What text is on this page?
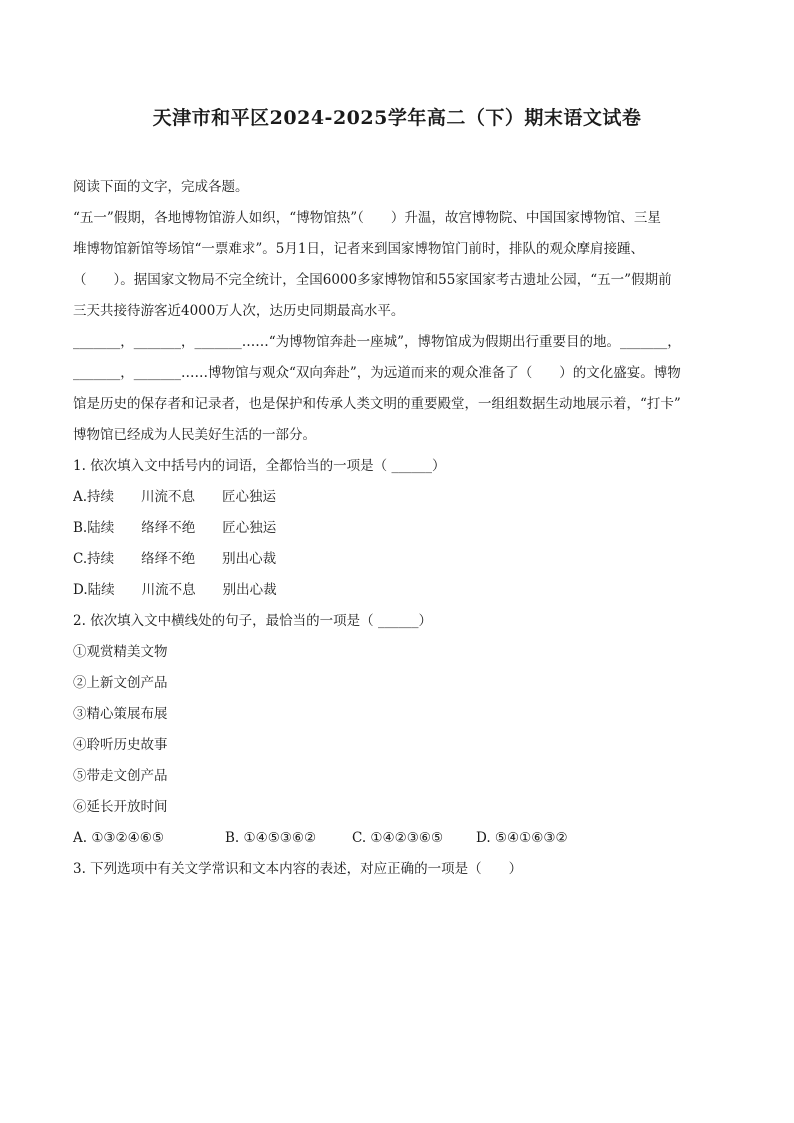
天津市和平区2024-2025学年高二（下）期末语文试卷

阅读下面的文字，完成各题。

“五一”假期，各地博物馆游人如织，“博物馆热”（　　）升温，故宫博物院、中国国家博物馆、三星

堆博物馆新馆等场馆“一票难求”。5月1日，记者来到国家博物馆门前时，排队的观众摩肩接踵、

（　　）。据国家文物局不完全统计，全国6000多家博物馆和55家国家考古遗址公园，“五一”假期前

三天共接待游客近4000万人次，达历史同期最高水平。

_______，_______，_______……“为博物馆奔赴一座城”，博物馆成为假期出行重要目的地。_______，

_______，_______……博物馆与观众“双向奔赴”，为远道而来的观众准备了（　　）的文化盛宴。博物

馆是历史的保存者和记录者，也是保护和传承人类文明的重要殿堂，一组组数据生动地展示着，“打卡”

博物馆已经成为人民美好生活的一部分。

1. 依次填入文中括号内的词语，全都恰当的一项是（ ______）

A.持续　　川流不息　　匠心独运

B.陆续　　络绎不绝　　匠心独运

C.持续　　络绎不绝　　别出心裁

D.陆续　　川流不息　　别出心裁

2. 依次填入文中横线处的句子，最恰当的一项是（ ______）

①观赏精美文物

②上新文创产品

③精心策展布展

④聆听历史故事

⑤带走文创产品

⑥延长开放时间

A. ①③②④⑥⑤	B. ①④⑤③⑥②	C. ①④②③⑥⑤ D. ⑤④①⑥③②

3. 下列选项中有关文学常识和文本内容的表述，对应正确的一项是（　　）
